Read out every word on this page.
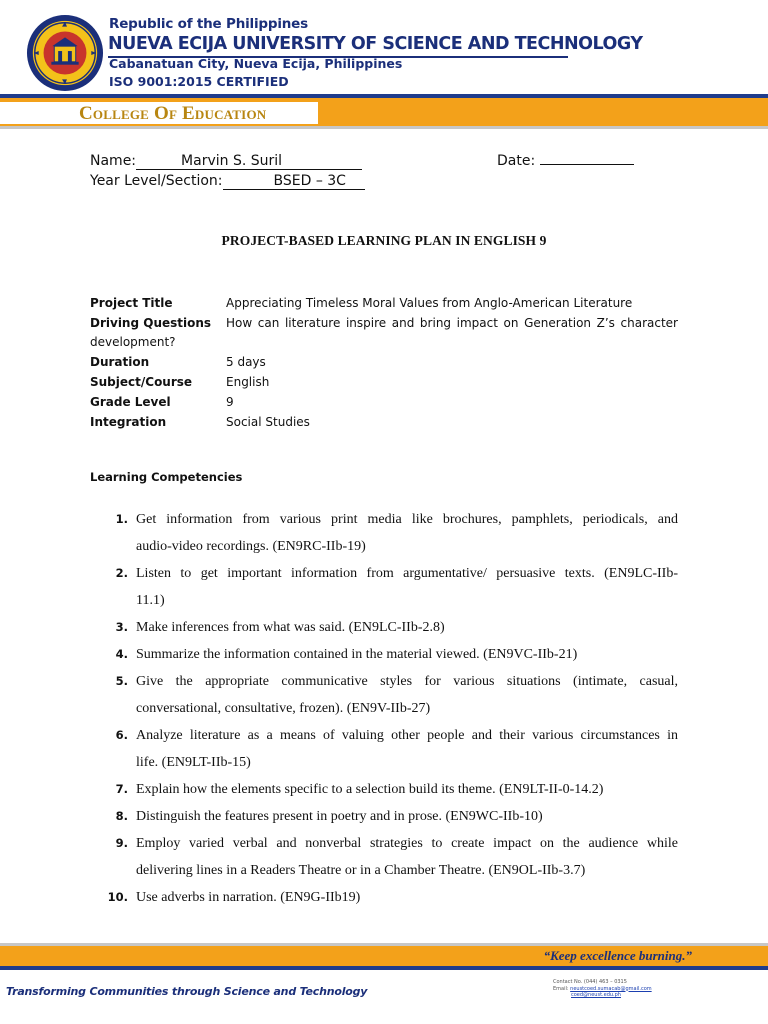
Republic of the Philippines
NUEVA ECIJA UNIVERSITY OF SCIENCE AND TECHNOLOGY
Cabanatuan City, Nueva Ecija, Philippines
ISO 9001:2015 CERTIFIED
College Of Education
Name:	Marvin S. Suril	Date:
Year Level/Section:	BSED – 3C
PROJECT-BASED LEARNING PLAN IN ENGLISH 9
Project Title	Appreciating Timeless Moral Values from Anglo-American Literature
Driving Questions	How can literature inspire and bring impact on Generation Z’s character
development?
Duration	5 days
Subject/Course	English
Grade Level	9
Integration	Social Studies
Learning Competencies
1. Get information from various print media like brochures, pamphlets, periodicals, and
audio-video recordings. (EN9RC-IIb-19)
2. Listen to get important information from argumentative/ persuasive texts. (EN9LC-IIb-
11.1)
3. Make inferences from what was said. (EN9LC-IIb-2.8)
4. Summarize the information contained in the material viewed. (EN9VC-IIb-21)
5. Give the appropriate communicative styles for various situations (intimate, casual,
conversational, consultative, frozen). (EN9V-IIb-27)
6. Analyze literature as a means of valuing other people and their various circumstances in
life. (EN9LT-IIb-15)
7. Explain how the elements specific to a selection build its theme. (EN9LT-II-0-14.2)
8. Distinguish the features present in poetry and in prose. (EN9WC-IIb-10)
9. Employ varied verbal and nonverbal strategies to create impact on the audience while
delivering lines in a Readers Theatre or in a Chamber Theatre. (EN9OL-IIb-3.7)
10. Use adverbs in narration. (EN9G-IIb19)
“Keep excellence burning.”
Transforming Communities through Science and Technology
Contact No. (044) 463 – 0315
Email: neustcoed.sumacab@gmail.com
coed@neust.edu.ph
